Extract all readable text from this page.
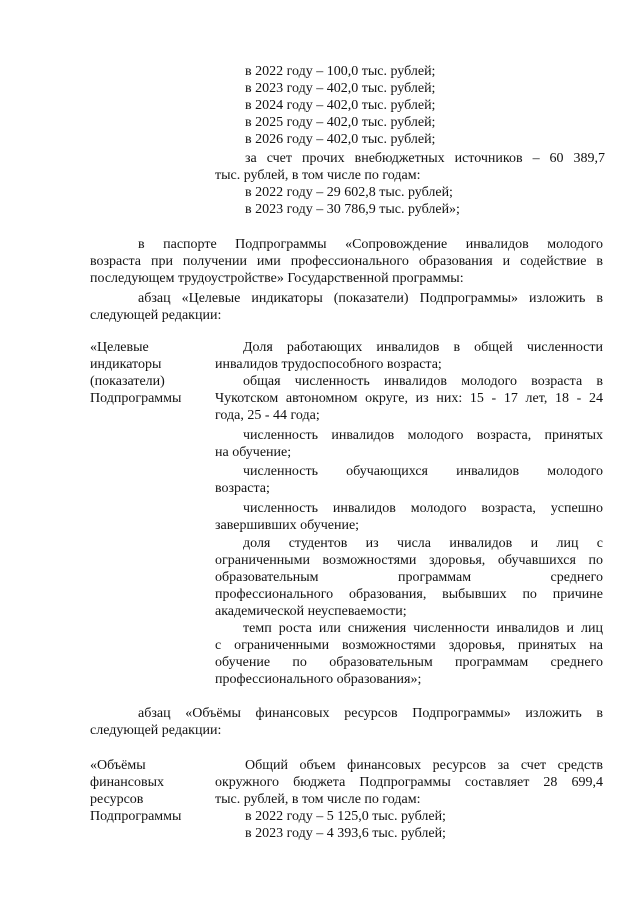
в 2022 году – 100,0 тыс. рублей;
в 2023 году – 402,0 тыс. рублей;
в 2024 году – 402,0 тыс. рублей;
в 2025 году – 402,0 тыс. рублей;
в 2026 году – 402,0 тыс. рублей;
за счет прочих внебюджетных источников – 60 389,7
тыс. рублей, в том числе по годам:
в 2022 году – 29 602,8 тыс. рублей;
в 2023 году – 30 786,9 тыс. рублей»;
в паспорте Подпрограммы «Сопровождение инвалидов молодого
возраста при получении ими профессионального образования и содействие в
последующем трудоустройстве» Государственной программы:
абзац «Целевые индикаторы (показатели) Подпрограммы» изложить в
следующей редакции:
«Целевые
индикаторы
(показатели)
Подпрограммы
Доля работающих инвалидов в общей численности
инвалидов трудоспособного возраста;
общая численность инвалидов молодого возраста в
Чукотском автономном округе, из них: 15 - 17 лет, 18 - 24
года, 25 - 44 года;
численность инвалидов молодого возраста, принятых
на обучение;
численность обучающихся инвалидов молодого
возраста;
численность инвалидов молодого возраста, успешно
завершивших обучение;
доля студентов из числа инвалидов и лиц с
ограниченными возможностями здоровья, обучавшихся по
образовательным программам среднего
профессионального образования, выбывших по причине
академической неуспеваемости;
темп роста или снижения численности инвалидов и лиц
с ограниченными возможностями здоровья, принятых на
обучение по образовательным программам среднего
профессионального образования»;
абзац «Объёмы финансовых ресурсов Подпрограммы» изложить в
следующей редакции:
«Объёмы
финансовых
ресурсов
Подпрограммы
Общий объем финансовых ресурсов за счет средств
окружного бюджета Подпрограммы составляет 28 699,4
тыс. рублей, в том числе по годам:
в 2022 году – 5 125,0 тыс. рублей;
в 2023 году – 4 393,6 тыс. рублей;
